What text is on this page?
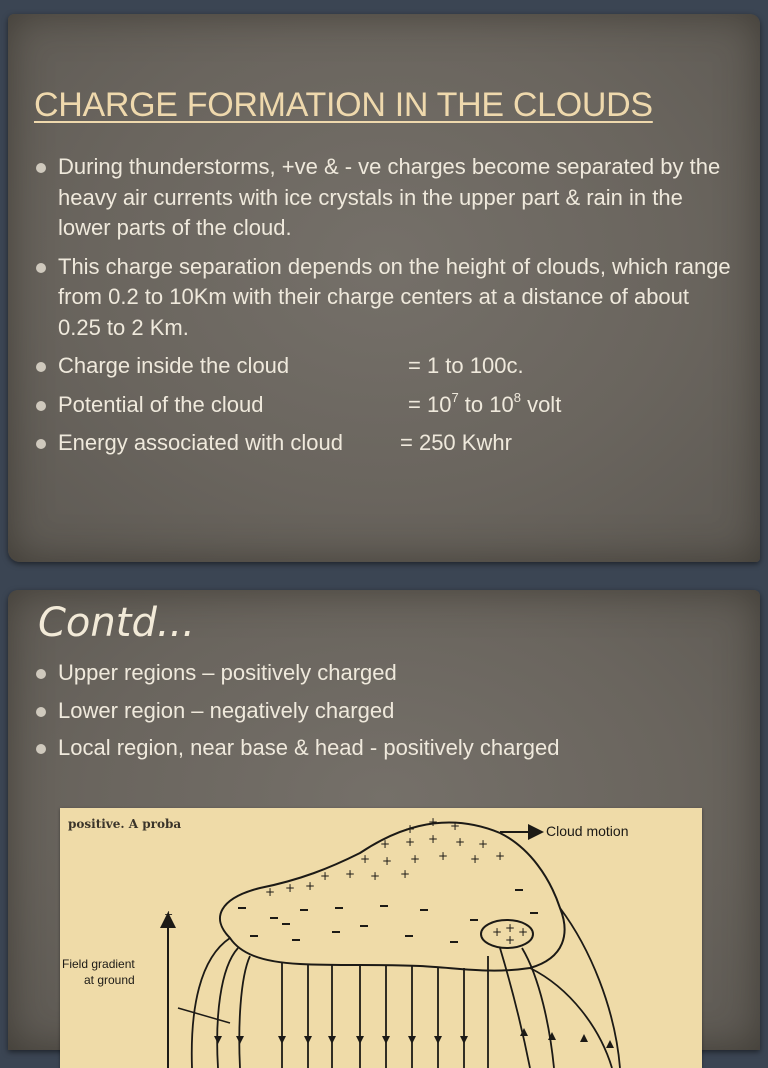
CHARGE FORMATION IN THE CLOUDS
During thunderstorms, +ve & - ve charges become separated by the heavy air currents with ice crystals in the upper part & rain in the lower parts of the cloud.
This charge separation depends on the height of clouds, which range from 0.2 to 10Km with their charge centers at a distance of about 0.25 to 2 Km.
Charge inside the cloud	= 1 to 100c.
Potential of the cloud	= $10^7$ to $10^8$ volt
Energy associated with cloud	= 250 Kwhr
Contd...
Upper regions – positively charged
Lower region – negatively charged
Local region, near base & head - positively charged
positive. A proba	+ + +
+ + + + +
+ + + + + +
+ + + +
+ + +
+ + +
+
Cloud motion
+
Field gradient
at ground
